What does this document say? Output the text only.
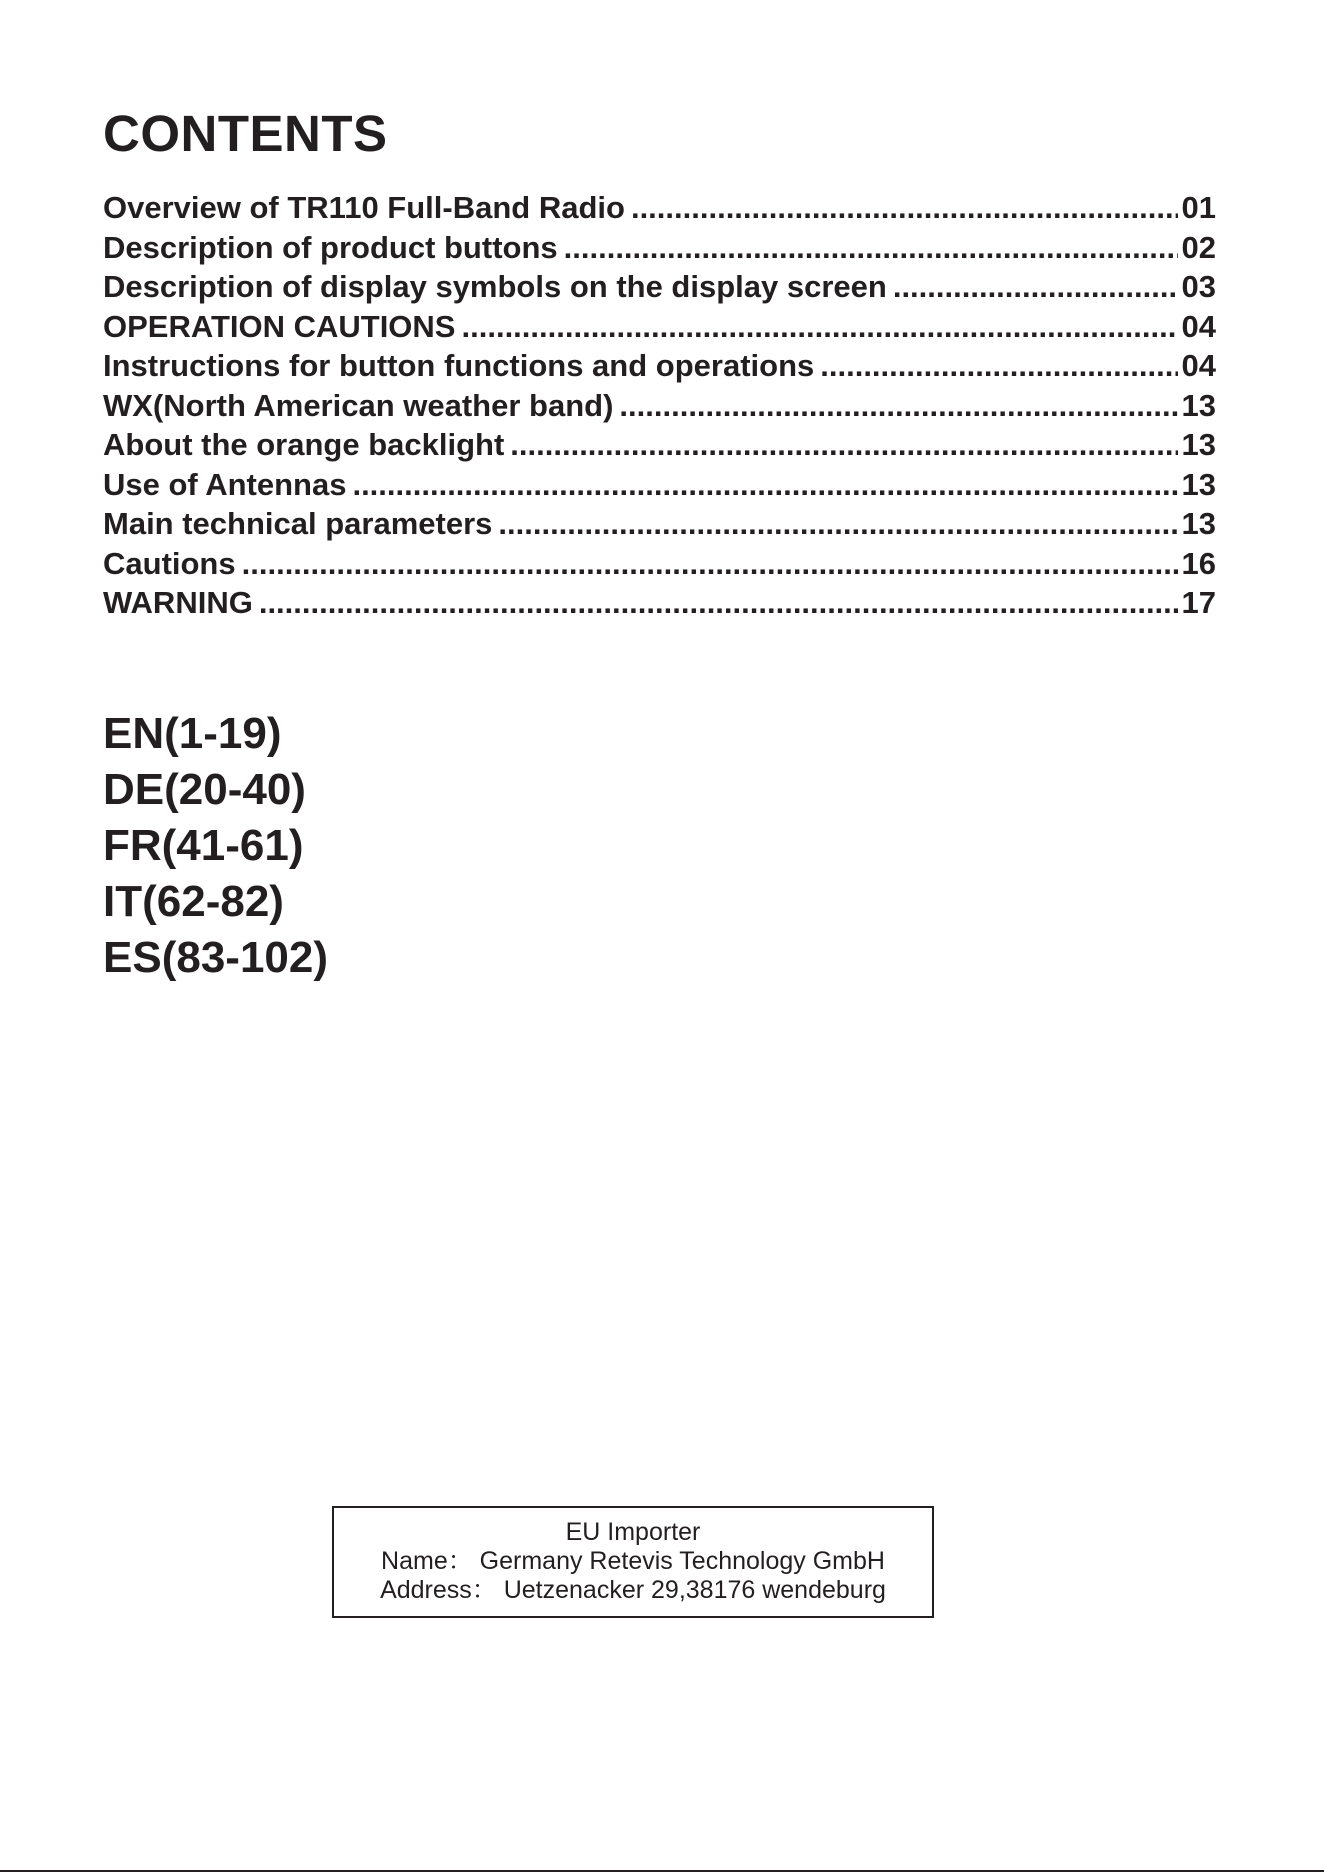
CONTENTS
Overview of TR110 Full-Band Radio .....	01
Description of product buttons .....	02
Description of display symbols on the display screen .....	03
OPERATION CAUTIONS .....	04
Instructions for button functions and operations .....	04
WX(North American weather band) .....	13
About the orange backlight .....	13
Use of Antennas .....	13
Main technical parameters .....	13
Cautions .....	16
WARNING .....	17
EN(1-19)
DE(20-40)
FR(41-61)
IT(62-82)
ES(83-102)
EU Importer
Name： Germany Retevis Technology GmbH
Address： Uetzenacker 29,38176 wendeburg
